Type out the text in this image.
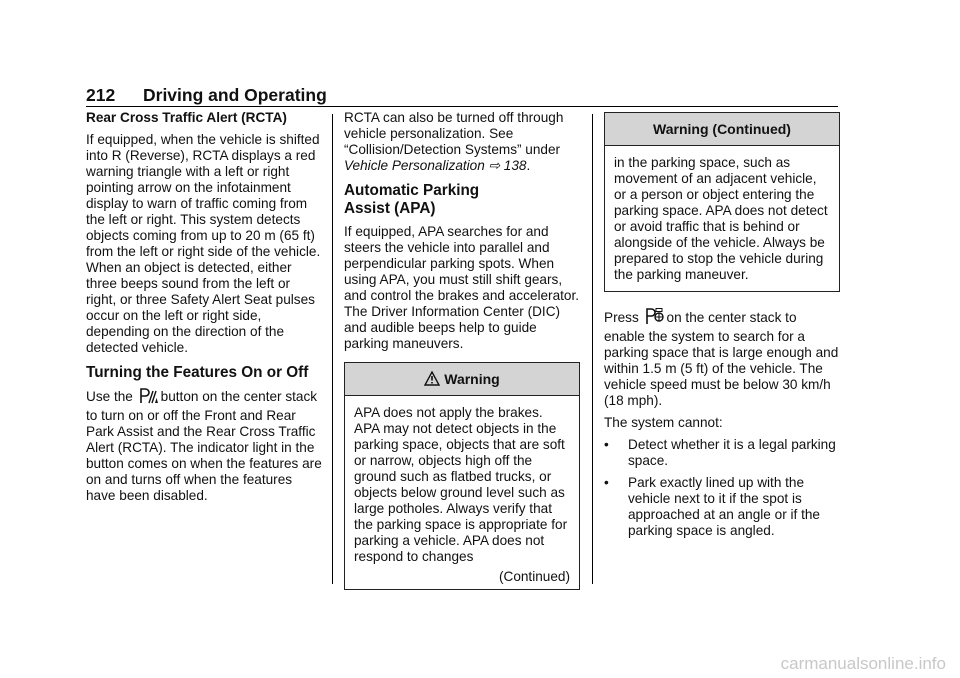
212 Driving and Operating

Rear Cross Traffic Alert (RCTA)

If equipped, when the vehicle is shifted into R (Reverse), RCTA displays a red warning triangle with a left or right pointing arrow on the infotainment display to warn of traffic coming from the left or right. This system detects objects coming from up to 20 m (65 ft) from the left or right side of the vehicle. When an object is detected, either three beeps sound from the left or right, or three Safety Alert Seat pulses occur on the left or right side, depending on the direction of the detected vehicle.

Turning the Features On or Off

Use the button on the center stack to turn on or off the Front and Rear Park Assist and the Rear Cross Traffic Alert (RCTA). The indicator light in the button comes on when the features are on and turns off when the features have been disabled.

RCTA can also be turned off through vehicle personalization. See “Collision/Detection Systems” under Vehicle Personalization ⇨ 138.

Automatic Parking
Assist (APA)

If equipped, APA searches for and steers the vehicle into parallel and perpendicular parking spots. When using APA, you must still shift gears, and control the brakes and accelerator. The Driver Information Center (DIC) and audible beeps help to guide parking maneuvers.

Warning
APA does not apply the brakes. APA may not detect objects in the parking space, objects that are soft or narrow, objects high off the ground such as flatbed trucks, or objects below ground level such as large potholes. Always verify that the parking space is appropriate for parking a vehicle. APA does not respond to changes
(Continued)
Warning (Continued)
in the parking space, such as movement of an adjacent vehicle, or a person or object entering the parking space. APA does not detect or avoid traffic that is behind or alongside of the vehicle. Always be prepared to stop the vehicle during the parking maneuver.

Press on the center stack to enable the system to search for a parking space that is large enough and within 1.5 m (5 ft) of the vehicle. The vehicle speed must be below 30 km/h (18 mph).

The system cannot:

• Detect whether it is a legal parking space.
• Park exactly lined up with the vehicle next to it if the spot is approached at an angle or if the parking space is angled.
carmanualsonline.info
